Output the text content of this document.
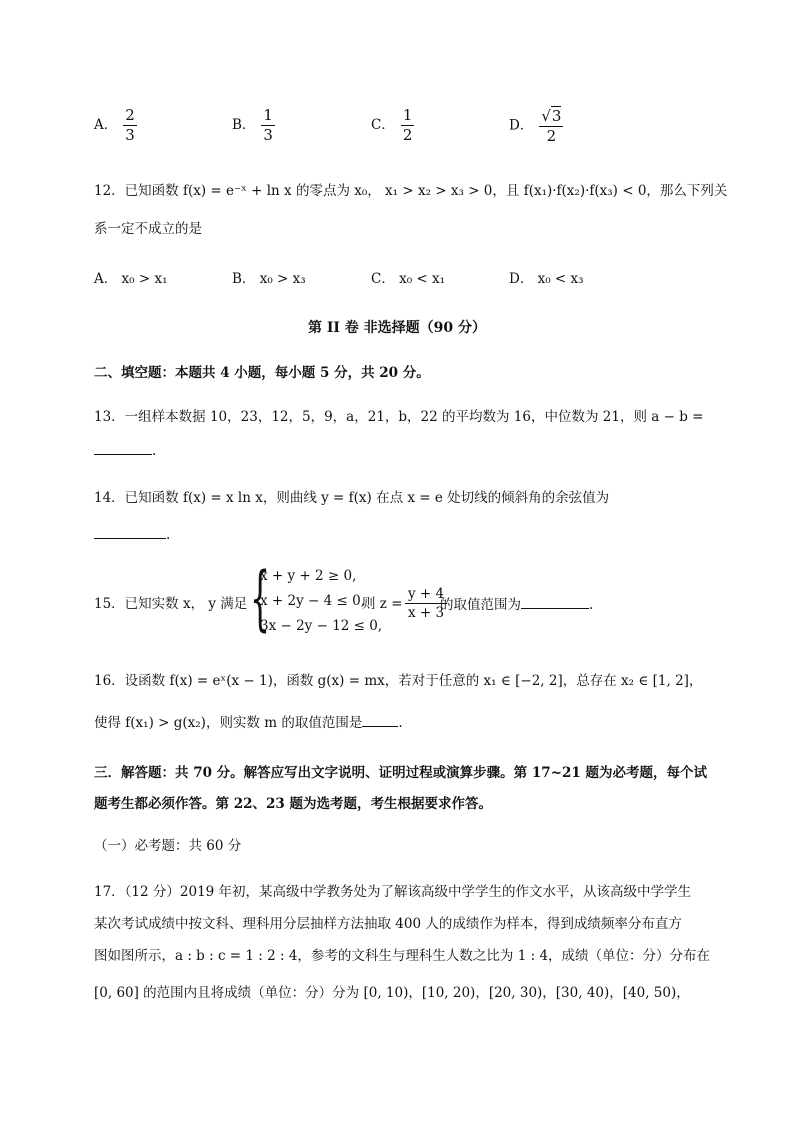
A． $\frac{2}{3}$	B． $\frac{1}{3}$	C． $\frac{1}{2}$	D． $\frac{√3}{2}$
12．已知函数 f(x) = e⁻ˣ + ln x 的零点为 x₀， x₁ > x₂ > x₃ > 0，且 f(x₁)·f(x₂)·f(x₃) < 0，那么下列关
系一定不成立的是
A． x₀ > x₁	B． x₀ > x₃	C． x₀ < x₁	D． x₀ < x₃
第 II 卷 非选择题（90 分）
二、填空题：本题共 4 小题，每小题 5 分，共 20 分。
13．一组样本数据 10，23，12，5，9，a，21，b，22 的平均数为 16，中位数为 21，则 a − b =
.
14．已知函数 f(x) = x ln x，则曲线 y = f(x) 在点 x = e 处切线的倾斜角的余弦值为
.
15．已知实数 x， y 满足 {
x + y + 2 ≥ 0,
x + 2y − 4 ≤ 0,
3x − 2y − 12 ≤ 0,
则 $z = \frac{y + 4}{x + 3}$
的取值范围为	.
16．设函数 f(x) = eˣ(x − 1)，函数 g(x) = mx，若对于任意的 x₁ ∈ [−2, 2]，总存在 x₂ ∈ [1, 2]，
使得 f(x₁) > g(x₂)，则实数 m 的取值范围是	.
三．解答题：共 70 分。解答应写出文字说明、证明过程或演算步骤。第 17~21 题为必考题，每个试
题考生都必须作答。第 22、23 题为选考题，考生根据要求作答。
（一）必考题：共 60 分
17．（12 分）2019 年初，某高级中学教务处为了解该高级中学学生的作文水平，从该高级中学学生
某次考试成绩中按文科、理科用分层抽样方法抽取 400 人的成绩作为样本，得到成绩频率分布直方
图如图所示，a : b : c = 1 : 2 : 4，参考的文科生与理科生人数之比为 1 : 4，成绩（单位：分）分布在
[0, 60] 的范围内且将成绩（单位：分）分为 [0, 10)，[10, 20)，[20, 30)，[30, 40)，[40, 50)，
